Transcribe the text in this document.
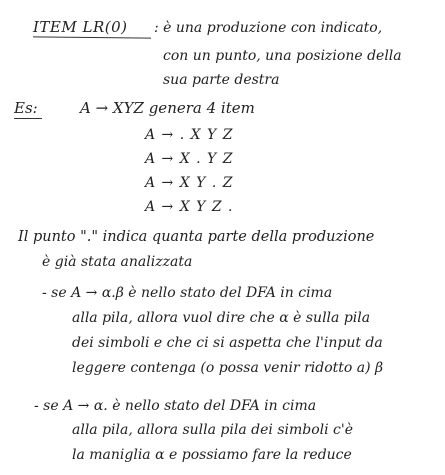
ITEM LR(0) : è una produzione con indicato,
con un punto, una posizione della
sua parte destra
Es:	A → XYZ genera 4 item
A → . X Y Z
A → X . Y Z
A → X Y . Z
A → X Y Z .
Il punto "." indica quanta parte della produzione
è già stata analizzata
- se A → α.β è nello stato del DFA in cima
alla pila, allora vuol dire che α è sulla pila
dei simboli e che ci si aspetta che l'input da
leggere contenga (o possa venir ridotto a) β
- se A → α. è nello stato del DFA in cima
alla pila, allora sulla pila dei simboli c'è
la maniglia α e possiamo fare la reduce
